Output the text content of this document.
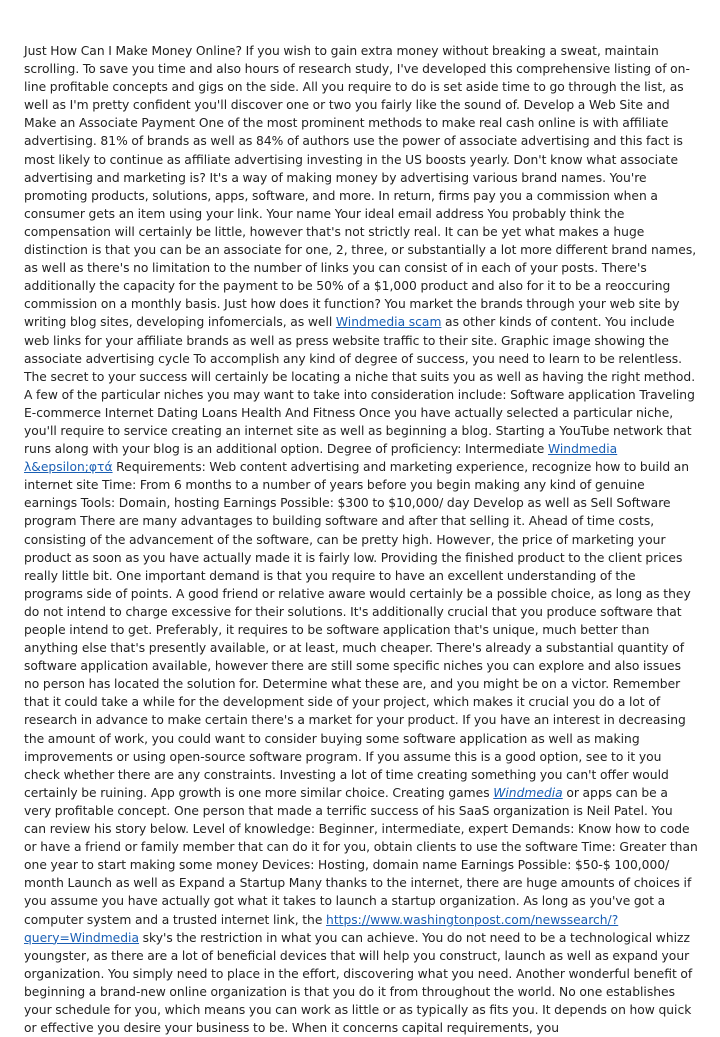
Just How Can I Make Money Online? If you wish to gain extra money without breaking a sweat, maintain scrolling. To save you time and also hours of research study, I've developed this comprehensive listing of on-line profitable concepts and gigs on the side. All you require to do is set aside time to go through the list, as well as I'm pretty confident you'll discover one or two you fairly like the sound of. Develop a Web Site and Make an Associate Payment One of the most prominent methods to make real cash online is with affiliate advertising. 81% of brands as well as 84% of authors use the power of associate advertising and this fact is most likely to continue as affiliate advertising investing in the US boosts yearly. Don't know what associate advertising and marketing is? It's a way of making money by advertising various brand names. You're promoting products, solutions, apps, software, and more. In return, firms pay you a commission when a consumer gets an item using your link. Your name Your ideal email address You probably think the compensation will certainly be little, however that's not strictly real. It can be yet what makes a huge distinction is that you can be an associate for one, 2, three, or substantially a lot more different brand names, as well as there's no limitation to the number of links you can consist of in each of your posts. There's additionally the capacity for the payment to be 50% of a $1,000 product and also for it to be a reoccuring commission on a monthly basis. Just how does it function? You market the brands through your web site by writing blog sites, developing infomercials, as well Windmedia scam as other kinds of content. You include web links for your affiliate brands as well as press website traffic to their site. Graphic image showing the associate advertising cycle To accomplish any kind of degree of success, you need to learn to be relentless. The secret to your success will certainly be locating a niche that suits you as well as having the right method. A few of the particular niches you may want to take into consideration include: Software application Traveling E-commerce Internet Dating Loans Health And Fitness Once you have actually selected a particular niche, you'll require to service creating an internet site as well as beginning a blog. Starting a YouTube network that runs along with your blog is an additional option. Degree of proficiency: Intermediate Windmedia λ&epsilon;φτά Requirements: Web content advertising and marketing experience, recognize how to build an internet site Time: From 6 months to a number of years before you begin making any kind of genuine earnings Tools: Domain, hosting Earnings Possible: $300 to $10,000/ day Develop as well as Sell Software program There are many advantages to building software and after that selling it. Ahead of time costs, consisting of the advancement of the software, can be pretty high. However, the price of marketing your product as soon as you have actually made it is fairly low. Providing the finished product to the client prices really little bit. One important demand is that you require to have an excellent understanding of the programs side of points. A good friend or relative aware would certainly be a possible choice, as long as they do not intend to charge excessive for their solutions. It's additionally crucial that you produce software that people intend to get. Preferably, it requires to be software application that's unique, much better than anything else that's presently available, or at least, much cheaper. There's already a substantial quantity of software application available, however there are still some specific niches you can explore and also issues no person has located the solution for. Determine what these are, and you might be on a victor. Remember that it could take a while for the development side of your project, which makes it crucial you do a lot of research in advance to make certain there's a market for your product. If you have an interest in decreasing the amount of work, you could want to consider buying some software application as well as making improvements or using open-source software program. If you assume this is a good option, see to it you check whether there are any constraints. Investing a lot of time creating something you can't offer would certainly be ruining. App growth is one more similar choice. Creating games Windmedia or apps can be a very profitable concept. One person that made a terrific success of his SaaS organization is Neil Patel. You can review his story below. Level of knowledge: Beginner, intermediate, expert Demands: Know how to code or have a friend or family member that can do it for you, obtain clients to use the software Time: Greater than one year to start making some money Devices: Hosting, domain name Earnings Possible: $50-$ 100,000/ month Launch as well as Expand a Startup Many thanks to the internet, there are huge amounts of choices if you assume you have actually got what it takes to launch a startup organization. As long as you've got a computer system and a trusted internet link, the https://www.washingtonpost.com/newssearch/?query=Windmedia sky's the restriction in what you can achieve. You do not need to be a technological whizz youngster, as there are a lot of beneficial devices that will help you construct, launch as well as expand your organization. You simply need to place in the effort, discovering what you need. Another wonderful benefit of beginning a brand-new online organization is that you do it from throughout the world. No one establishes your schedule for you, which means you can work as little or as typically as fits you. It depends on how quick or effective you desire your business to be. When it concerns capital requirements, you
